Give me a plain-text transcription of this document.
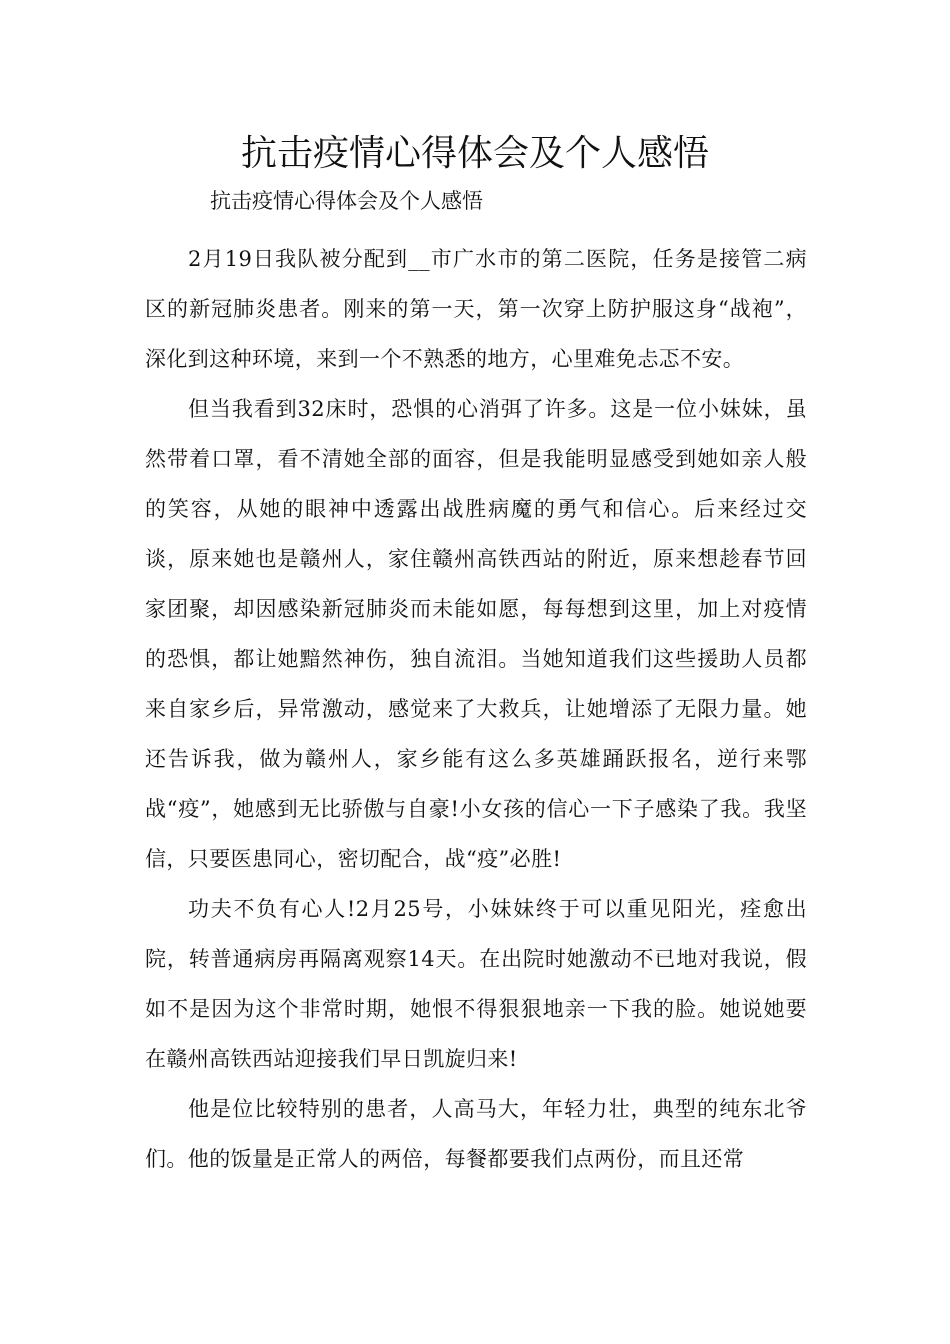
抗击疫情心得体会及个人感悟

抗击疫情心得体会及个人感悟

2月19日我队被分配到__市广水市的第二医院，任务是接管二病区的新冠肺炎患者。刚来的第一天，第一次穿上防护服这身“战袍”，深化到这种环境，来到一个不熟悉的地方，心里难免忐忑不安。

但当我看到32床时，恐惧的心消弭了许多。这是一位小妹妹，虽然带着口罩，看不清她全部的面容，但是我能明显感受到她如亲人般的笑容，从她的眼神中透露出战胜病魔的勇气和信心。后来经过交谈，原来她也是赣州人，家住赣州高铁西站的附近，原来想趁春节回家团聚，却因感染新冠肺炎而未能如愿，每每想到这里，加上对疫情的恐惧，都让她黯然神伤，独自流泪。当她知道我们这些援助人员都来自家乡后，异常激动，感觉来了大救兵，让她增添了无限力量。她还告诉我，做为赣州人，家乡能有这么多英雄踊跃报名，逆行来鄂战“疫”，她感到无比骄傲与自豪!小女孩的信心一下子感染了我。我坚信，只要医患同心，密切配合，战“疫”必胜!

功夫不负有心人!2月25号，小妹妹终于可以重见阳光，痊愈出院，转普通病房再隔离观察14天。在出院时她激动不已地对我说，假如不是因为这个非常时期，她恨不得狠狠地亲一下我的脸。她说她要在赣州高铁西站迎接我们早日凯旋归来!

他是位比较特别的患者，人高马大，年轻力壮，典型的纯东北爷们。他的饭量是正常人的两倍，每餐都要我们点两份，而且还常
